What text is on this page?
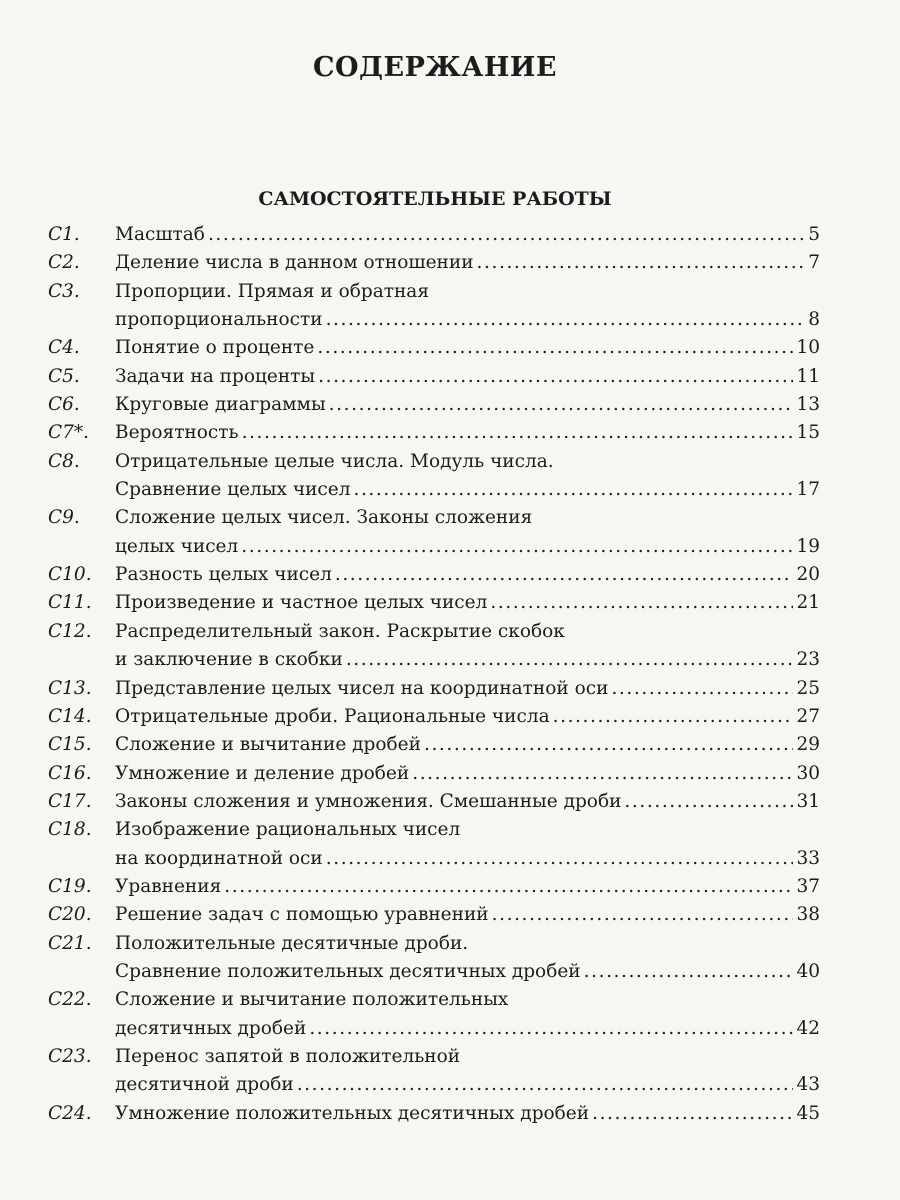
СОДЕРЖАНИЕ
САМОСТОЯТЕЛЬНЫЕ РАБОТЫ
C1.	Масштаб .....	5
C2.	Деление числа в данном отношении .....	7
C3.	Пропорции. Прямая и обратная
пропорциональности .....	8
C4.	Понятие о проценте .....	10
C5.	Задачи на проценты .....	11
C6.	Круговые диаграммы .....	13
C7*.	Вероятность .....	15
C8.	Отрицательные целые числа. Модуль числа.
Сравнение целых чисел .....	17
C9.	Сложение целых чисел. Законы сложения
целых чисел .....	19
C10.	Разность целых чисел .....	20
C11.	Произведение и частное целых чисел .....	21
C12.	Распределительный закон. Раскрытие скобок
и заключение в скобки .....	23
C13.	Представление целых чисел на координатной оси .....	25
C14.	Отрицательные дроби. Рациональные числа .....	27
C15.	Сложение и вычитание дробей .....	29
C16.	Умножение и деление дробей .....	30
C17.	Законы сложения и умножения. Смешанные дроби .....	31
C18.	Изображение рациональных чисел
на координатной оси .....	33
C19.	Уравнения .....	37
C20.	Решение задач с помощью уравнений .....	38
C21.	Положительные десятичные дроби.
Сравнение положительных десятичных дробей .....	40
C22.	Сложение и вычитание положительных
десятичных дробей .....	42
C23.	Перенос запятой в положительной
десятичной дроби .....	43
C24.	Умножение положительных десятичных дробей .....	45
